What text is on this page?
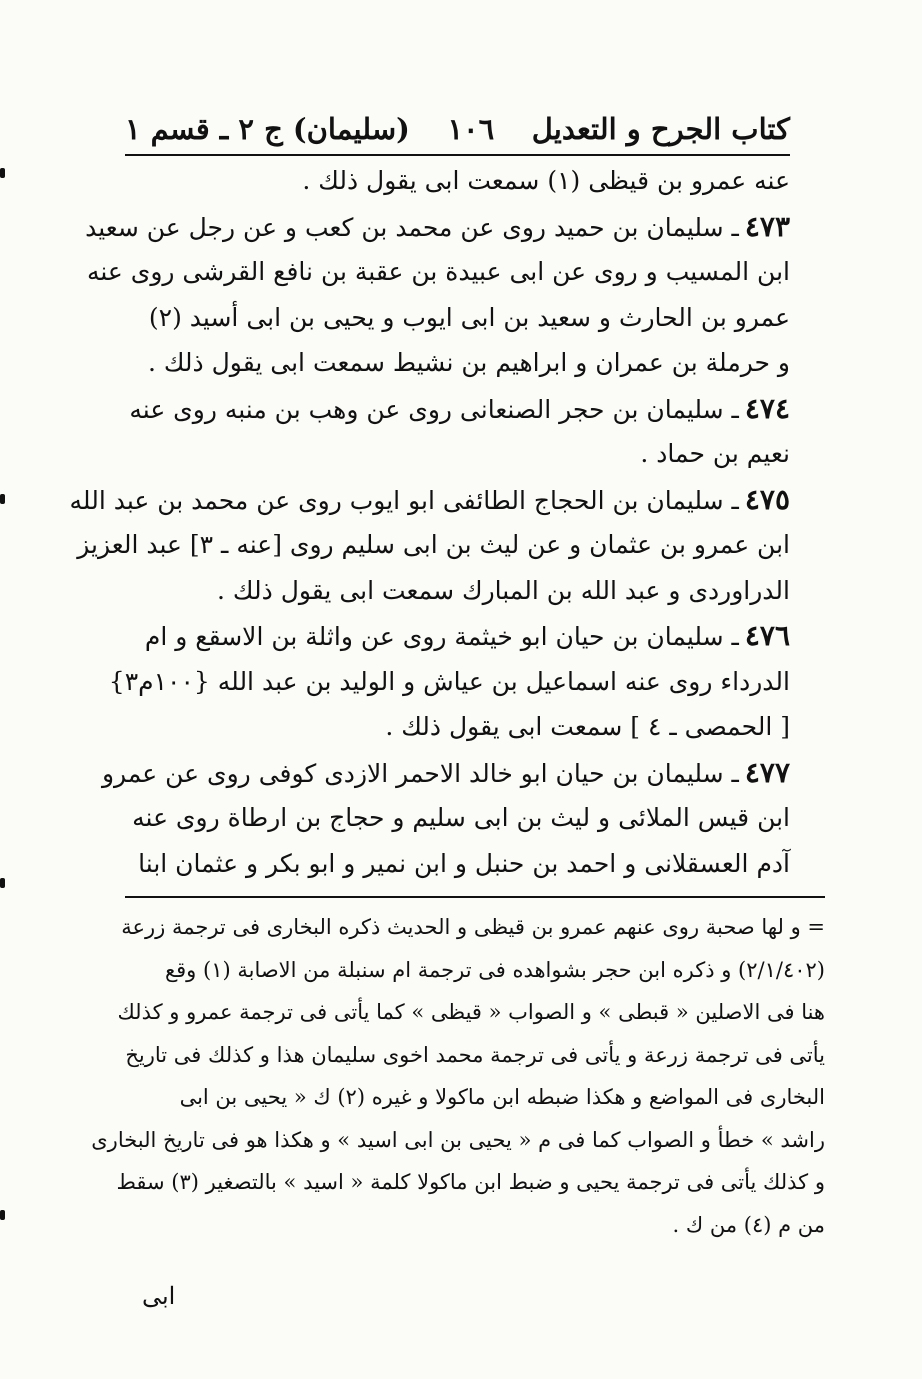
كتاب الجرح و التعديل
١٠٦
(سليمان) ج ٢ ـ قسم ١
عنه عمرو بن قيظى (١) سمعت ابى يقول ذلك .
٤٧٣ـ سليمان بن حميد روى عن محمد بن كعب و عن رجل عن سعيد
ابن المسيب و روى عن ابى عبيدة بن عقبة بن نافع القرشى روى عنه
عمرو بن الحارث و سعيد بن ابى ايوب و يحيى بن ابى أسيد (٢)
و حرملة بن عمران و ابراهيم بن نشيط سمعت ابى يقول ذلك .
٤٧٤ـ سليمان بن حجر الصنعانى روى عن وهب بن منبه روى عنه
نعيم بن حماد .
٤٧٥ـ سليمان بن الحجاج الطائفى ابو ايوب روى عن محمد بن عبد الله
ابن عمرو بن عثمان و عن ليث بن ابى سليم روى [عنه ـ ٣] عبد العزيز
الدراوردى و عبد الله بن المبارك سمعت ابى يقول ذلك .
٤٧٦ـ سليمان بن حيان ابو خيثمة روى عن واثلة بن الاسقع و ام
الدرداء روى عنه اسماعيل بن عياش و الوليد بن عبد الله {١٠٠م٣}
[ الحمصى ـ ٤ ] سمعت ابى يقول ذلك .
٤٧٧ـ سليمان بن حيان ابو خالد الاحمر الازدى كوفى روى عن عمرو
ابن قيس الملائى و ليث بن ابى سليم و حجاج بن ارطاة روى عنه
آدم العسقلانى و احمد بن حنبل و ابن نمير و ابو بكر و عثمان ابنا
= و لها صحبة روى عنهم عمرو بن قيظى و الحديث ذكره البخارى فى ترجمة زرعة
(٢/١/٤٠٢) و ذكره ابن حجر بشواهده فى ترجمة ام سنبلة من الاصابة (١) وقع
هنا فى الاصلين « قبطى » و الصواب « قيظى » كما يأتى فى ترجمة عمرو و كذلك
يأتى فى ترجمة زرعة و يأتى فى ترجمة محمد اخوى سليمان هذا و كذلك فى تاريخ
البخارى فى المواضع و هكذا ضبطه ابن ماكولا و غيره (٢) ك « يحيى بن ابى
راشد » خطأ و الصواب كما فى م « يحيى بن ابى اسيد » و هكذا هو فى تاريخ البخارى
و كذلك يأتى فى ترجمة يحيى و ضبط ابن ماكولا كلمة « اسيد » بالتصغير (٣) سقط
من م (٤) من ك .
ابى
